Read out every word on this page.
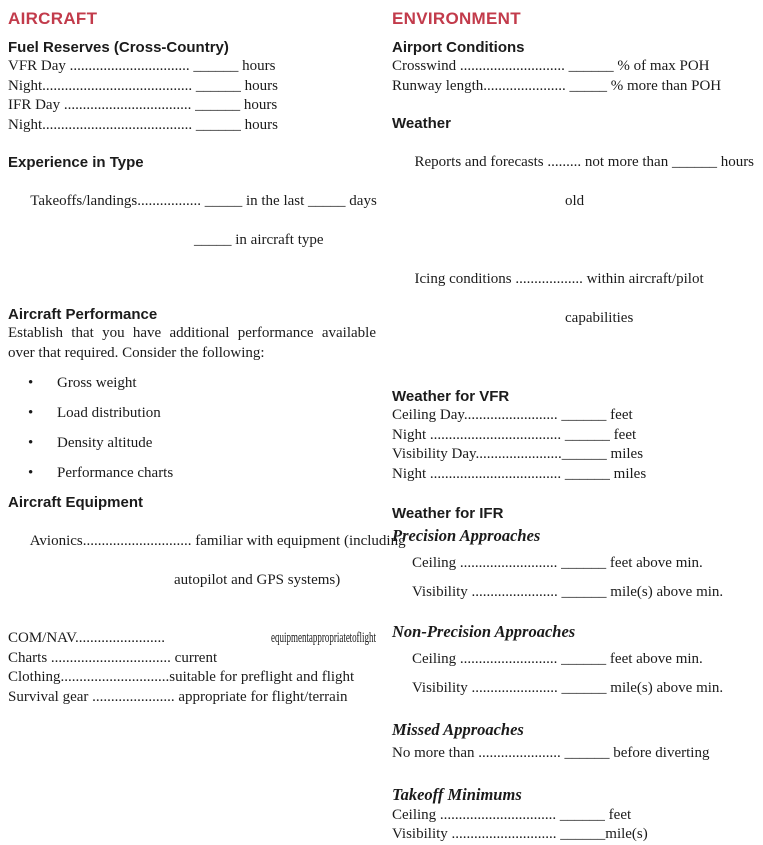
AIRCRAFT
Fuel Reserves (Cross-Country)
VFR Day ................................ ______ hours
Night........................................ ______ hours
IFR Day .................................. ______ hours
Night........................................ ______ hours
Experience in Type

Takeoffs/landings................. _____ in the last _____ days

_____ in aircraft type

Aircraft Performance

Establish that you have additional performance available over that required. Consider the following:

•	Gross weight
•	Load distribution
•	Density altitude
•	Performance charts
Aircraft Equipment

Avionics............................. familiar with equipment (including

autopilot and GPS systems)

COM/NAV........................	equipment appropriate to flight
Charts ................................ current
Clothing.............................suitable for preflight and flight
Survival gear ...................... appropriate for flight/terrain
ENVIRONMENT
Airport Conditions
Crosswind ............................ ______ % of max POH
Runway length...................... _____ % more than POH
Weather

Reports and forecasts ......... not more than ______ hours

old

Icing conditions .................. within aircraft/pilot

capabilities

Weather for VFR
Ceiling Day......................... ______ feet
Night ................................... ______ feet
Visibility Day.......................______ miles
Night ................................... ______ miles
Weather for IFR
Precision Approaches
Ceiling .......................... ______ feet above min.
Visibility ....................... ______ mile(s) above min.
Non-Precision Approaches
Ceiling .......................... ______ feet above min.
Visibility ....................... ______ mile(s) above min.
Missed Approaches
No more than ...................... ______ before diverting
Takeoff Minimums
Ceiling ............................... ______ feet
Visibility ............................ ______mile(s)
